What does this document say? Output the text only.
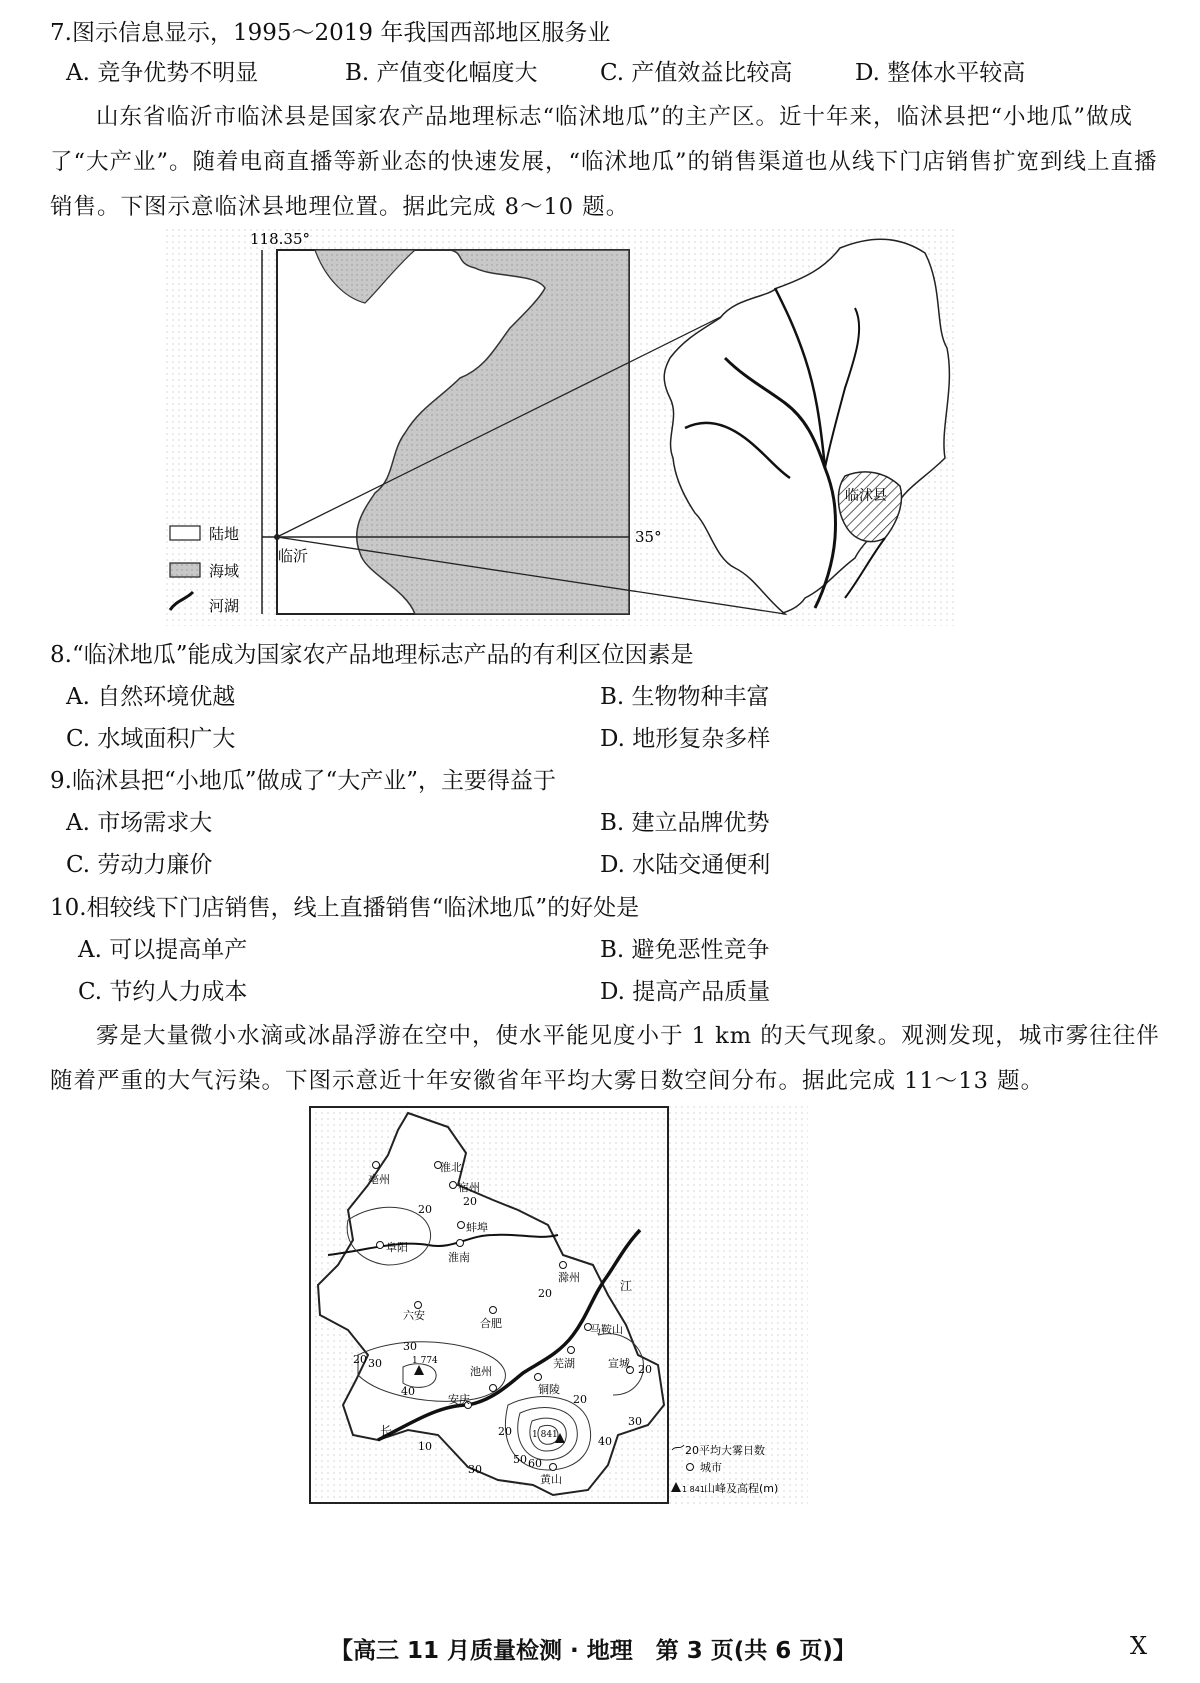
7.图示信息显示，1995～2019 年我国西部地区服务业
A. 竞争优势不明显	B. 产值变化幅度大	C. 产值效益比较高	D. 整体水平较高
山东省临沂市临沭县是国家农产品地理标志“临沭地瓜”的主产区。近十年来，临沭县把“小地瓜”做成了“大产业”。随着电商直播等新业态的快速发展，“临沭地瓜”的销售渠道也从线下门店销售扩宽到线上直播销售。下图示意临沭县地理位置。据此完成 8～10 题。
118.35°
35°
临沂
临沭县
陆地
海域
河湖
8.“临沭地瓜”能成为国家农产品地理标志产品的有利区位因素是
A. 自然环境优越	B. 生物物种丰富
C. 水域面积广大	D. 地形复杂多样
9.临沭县把“小地瓜”做成了“大产业”，主要得益于
A. 市场需求大	B. 建立品牌优势
C. 劳动力廉价	D. 水陆交通便利
10.相较线下门店销售，线上直播销售“临沭地瓜”的好处是
A. 可以提高单产	B. 避免恶性竞争
C. 节约人力成本	D. 提高产品质量
雾是大量微小水滴或冰晶浮游在空中，使水平能见度小于 1 km 的天气现象。观测发现，城市雾往往伴随着严重的大气污染。下图示意近十年安徽省年平均大雾日数空间分布。据此完成 11～13 题。
1 774
1 841
亳州
淮北
宿州
阜阳
淮南
蚌埠
滁州
六安
合肥	马鞍山
芜湖	宣城
铜陵
池州
安庆
黄山
江
长
20
20
20
30
20
40
30
10
20
30
40
50 60
20
30
20
20 平均大雾日数
城市
1 841 山峰及高程(m)
【高三 11 月质量检测 · 地理　第 3 页(共 6 页)】	X
